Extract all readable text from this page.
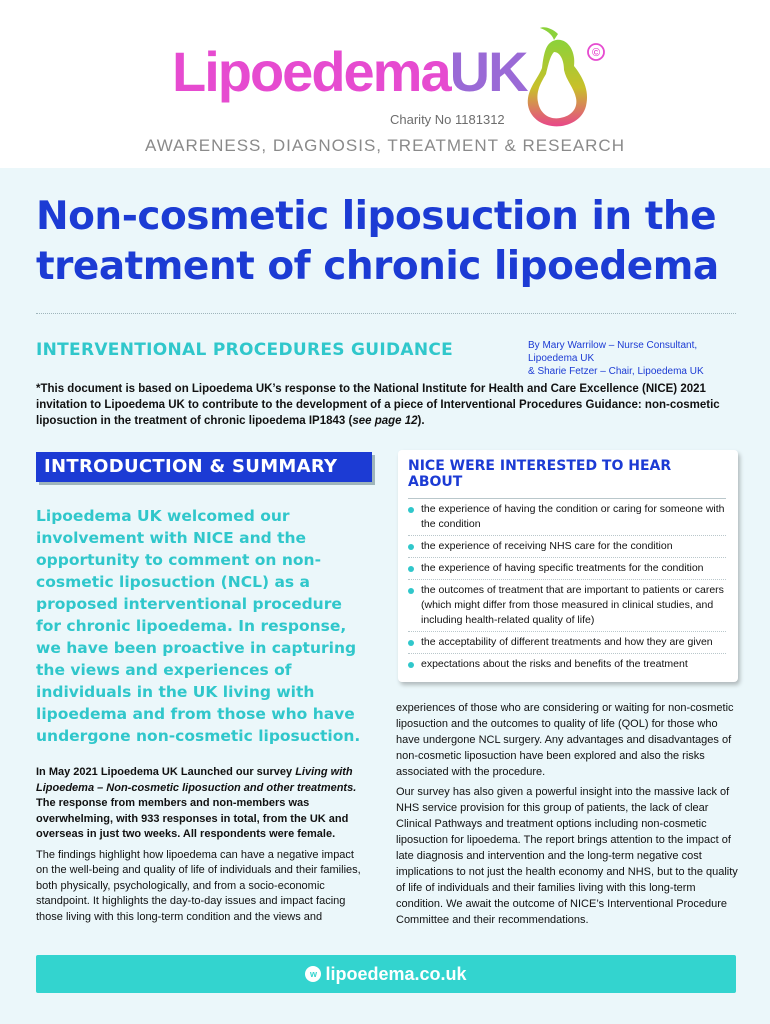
LipoedemaUK	©
Charity No 1181312
AWARENESS, DIAGNOSIS, TREATMENT & RESEARCH
Non-cosmetic liposuction in the
treatment of chronic lipoedema
INTERVENTIONAL PROCEDURES GUIDANCE	By Mary Warrilow – Nurse Consultant, Lipoedema UK
& Sharie Fetzer – Chair, Lipoedema UK

*This document is based on Lipoedema UK’s response to the National Institute for Health and Care Excellence (NICE) 2021 invitation to Lipoedema UK to contribute to the development of a piece of Interventional Procedures Guidance: non-cosmetic liposuction in the treatment of chronic lipoedema IP1843 (see page 12).

INTRODUCTION & SUMMARY

Lipoedema UK welcomed our involvement with NICE and the opportunity to comment on non-cosmetic liposuction (NCL) as a proposed interventional procedure for chronic lipoedema. In response, we have been proactive in capturing the views and experiences of individuals in the UK living with lipoedema and from those who have undergone non-cosmetic liposuction.

In May 2021 Lipoedema UK Launched our survey Living with Lipoedema – Non-cosmetic liposuction and other treatments. The response from members and non-members was overwhelming, with 933 responses in total, from the UK and overseas in just two weeks. All respondents were female.

The findings highlight how lipoedema can have a negative impact on the well-being and quality of life of individuals and their families, both physically, psychologically, and from a socio-economic standpoint. It highlights the day-to-day issues and impact facing those living with this long-term condition and the views and

NICE WERE INTERESTED TO HEAR ABOUT
the experience of having the condition or caring for someone with the condition
the experience of receiving NHS care for the condition
the experience of having specific treatments for the condition
the outcomes of treatment that are important to patients or carers (which might differ from those measured in clinical studies, and including health-related quality of life)
the acceptability of different treatments and how they are given
expectations about the risks and benefits of the treatment

experiences of those who are considering or waiting for non-cosmetic liposuction and the outcomes to quality of life (QOL) for those who have undergone NCL surgery. Any advantages and disadvantages of non-cosmetic liposuction have been explored and also the risks associated with the procedure.

Our survey has also given a powerful insight into the massive lack of NHS service provision for this group of patients, the lack of clear Clinical Pathways and treatment options including non-cosmetic liposuction for lipoedema. The report brings attention to the impact of late diagnosis and intervention and the long-term negative cost implications to not just the health economy and NHS, but to the quality of life of individuals and their families living with this long-term condition. We await the outcome of NICE’s Interventional Procedure Committee and their recommendations.

w lipoedema.co.uk
